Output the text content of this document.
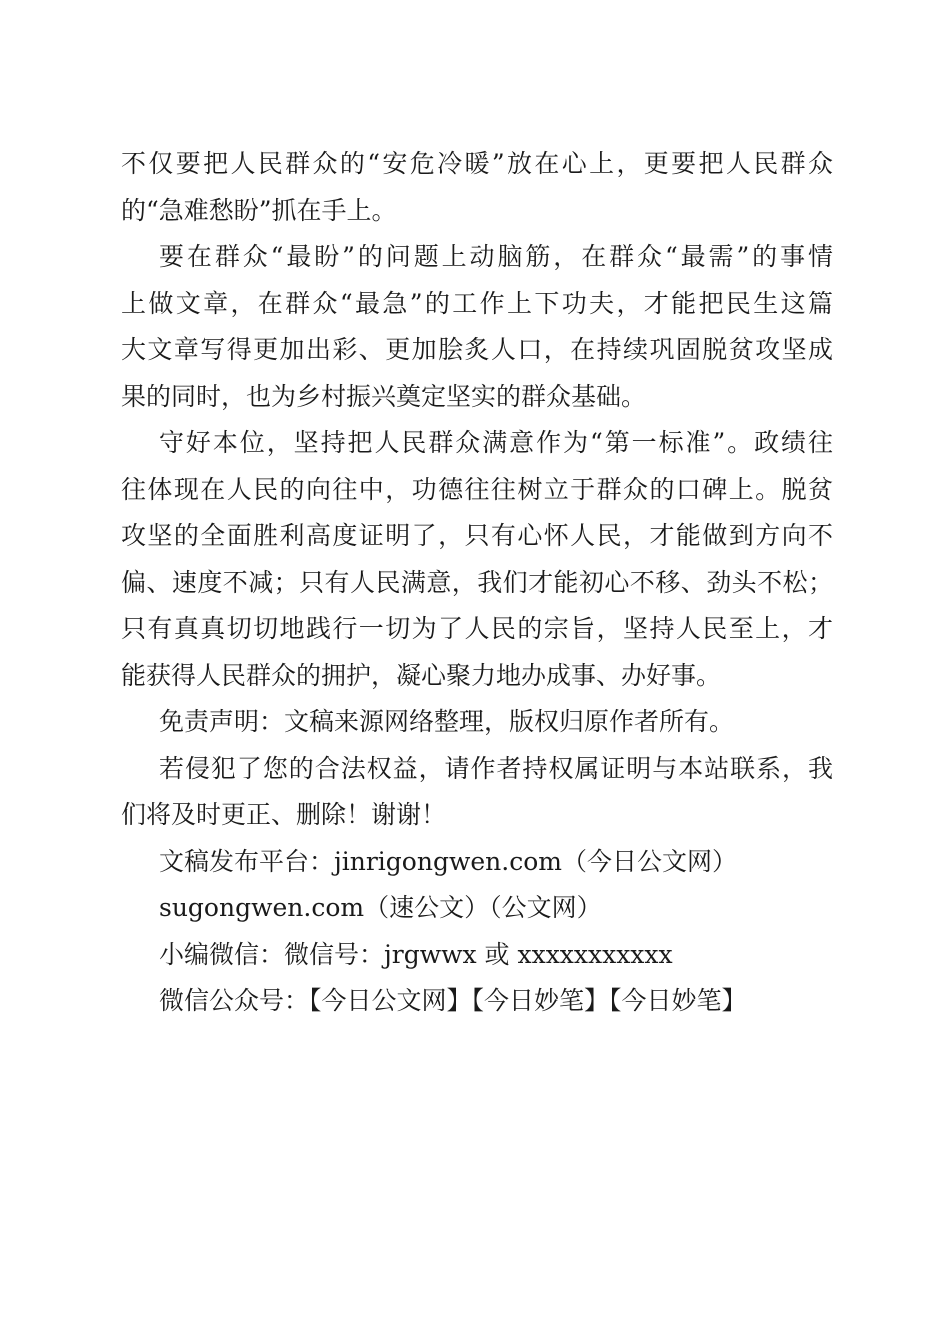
不仅要把人民群众的“安危冷暖”放在心上，更要把人民群众
的“急难愁盼”抓在手上。
要在群众“最盼”的问题上动脑筋，在群众“最需”的事情
上做文章，在群众“最急”的工作上下功夫，才能把民生这篇
大文章写得更加出彩、更加脍炙人口，在持续巩固脱贫攻坚成
果的同时，也为乡村振兴奠定坚实的群众基础。
守好本位，坚持把人民群众满意作为“第一标准”。政绩往
往体现在人民的向往中，功德往往树立于群众的口碑上。脱贫
攻坚的全面胜利高度证明了，只有心怀人民，才能做到方向不
偏、速度不减；只有人民满意，我们才能初心不移、劲头不松；
只有真真切切地践行一切为了人民的宗旨，坚持人民至上，才
能获得人民群众的拥护，凝心聚力地办成事、办好事。
免责声明：文稿来源网络整理，版权归原作者所有。
若侵犯了您的合法权益，请作者持权属证明与本站联系，我
们将及时更正、删除！谢谢！
文稿发布平台：jinrigongwen.com（今日公文网）
sugongwen.com（速公文）（公文网）
小编微信：微信号：jrgwwx 或 xxxxxxxxxxx
微信公众号：【今日公文网】【今日妙笔】【今日妙笔】
